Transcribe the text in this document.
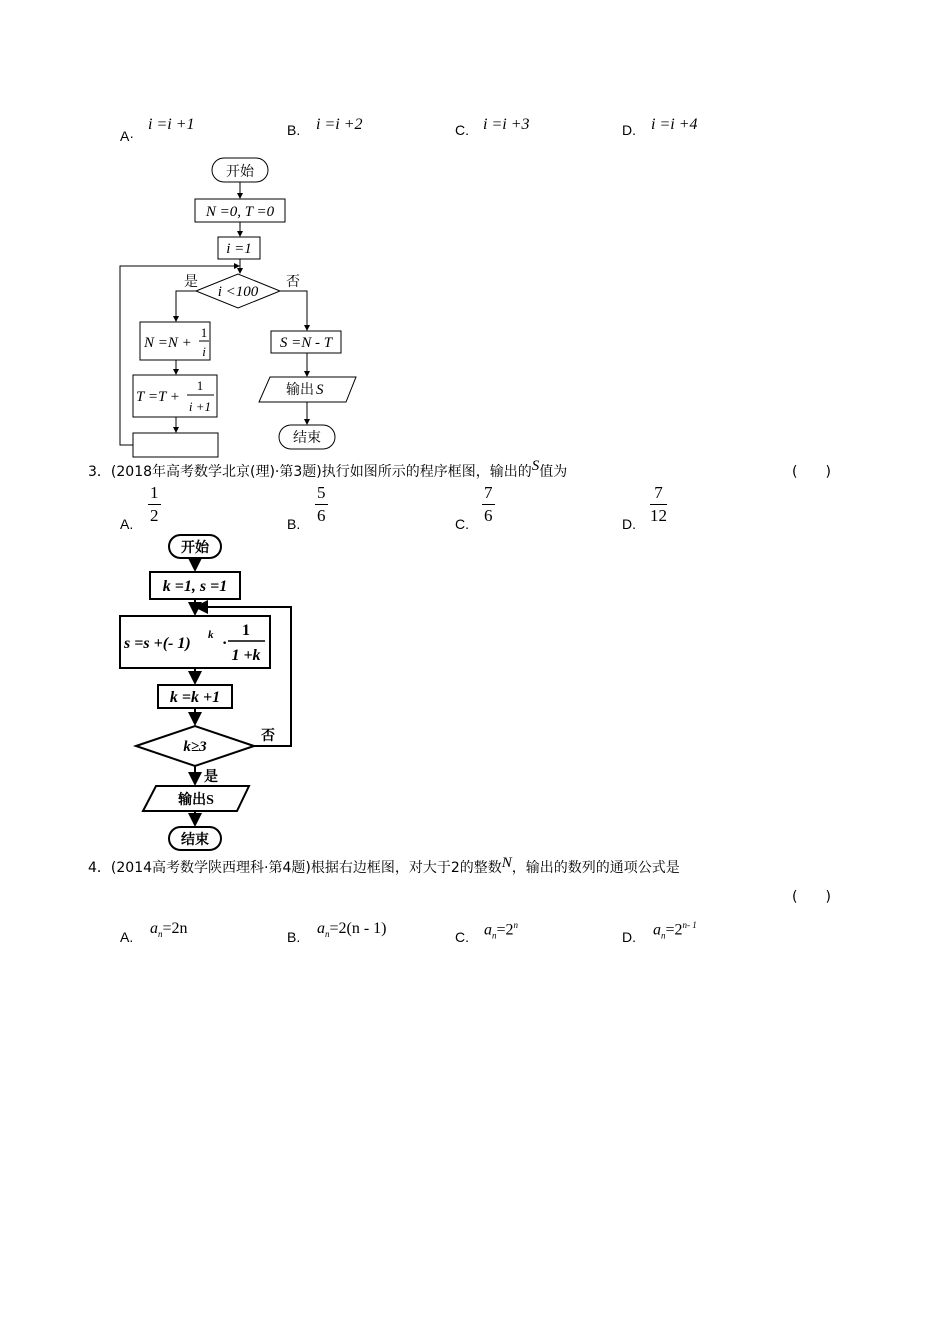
A·
i =i +1	B. i =i +2	C. i =i +3	D. i =i +4
开始
N =0, T =0
i =1
i <100
是	否
N =N +
1
i
T =T +
1
i +1
S =N - T
输出 S
结束
3．(2018年高考数学北京(理)·第3题)执行如图所示的程序框图，输出的S值为	(　　)
A. $\frac{1}{2}$	B. $\frac{5}{6}$	C. $\frac{7}{6}$	D. $\frac{7}{12}$
开始
k =1, s =1
s =s +(- 1) k ·
1
1 +k
k =k +1
k≥3
否
是
输出S
结束
4．(2014高考数学陕西理科·第4题)根据右边框图，对大于2的整数N，输出的数列的通项公式是
(　　)
A. $a_n=2n$	B. $a_n=2(n - 1)$	C. $a_n=2^n$
D. $a_n=2^{n- 1}$
